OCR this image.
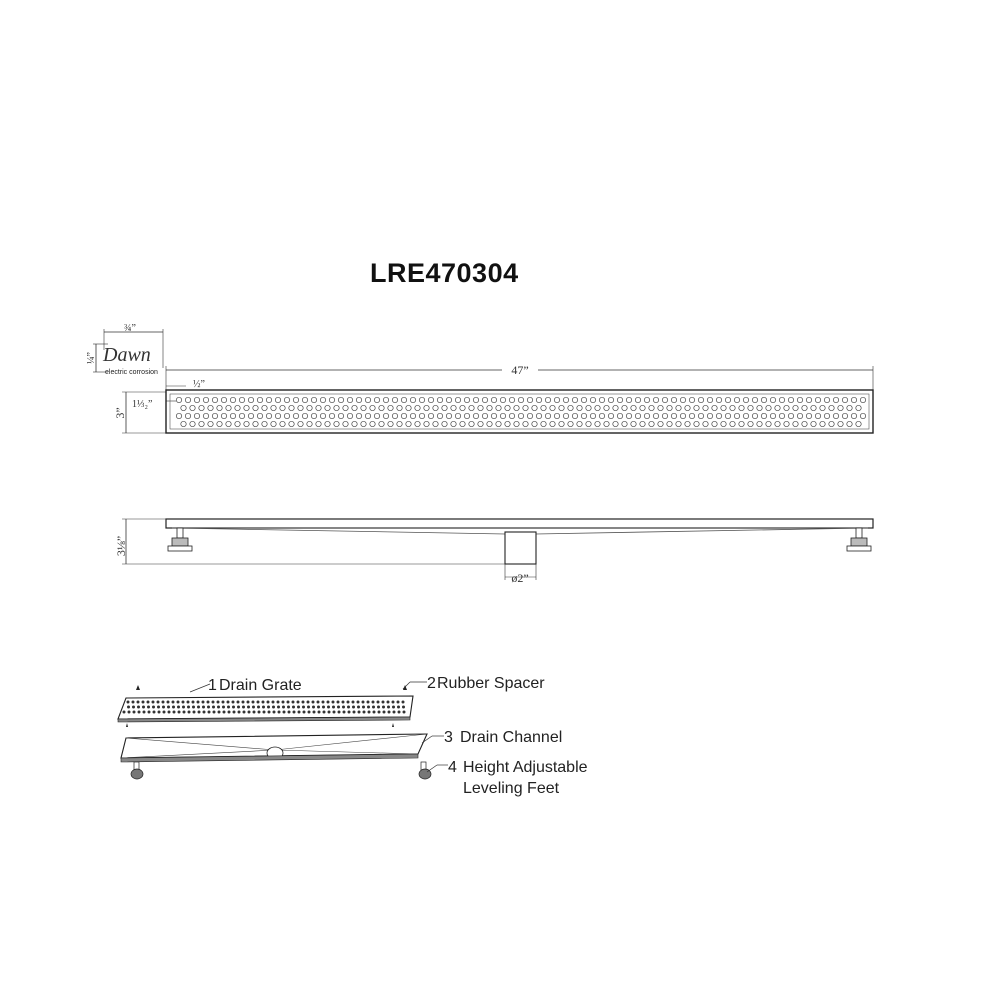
LRE470304
Dawn
electric corrosion
¾”
¼”
47”
3”
1⅓₂”
½”
3⅛”
ø2”
1 Drain Grate	2 Rubber Spacer
3 Drain Channel
4 Height Adjustable
Leveling Feet
